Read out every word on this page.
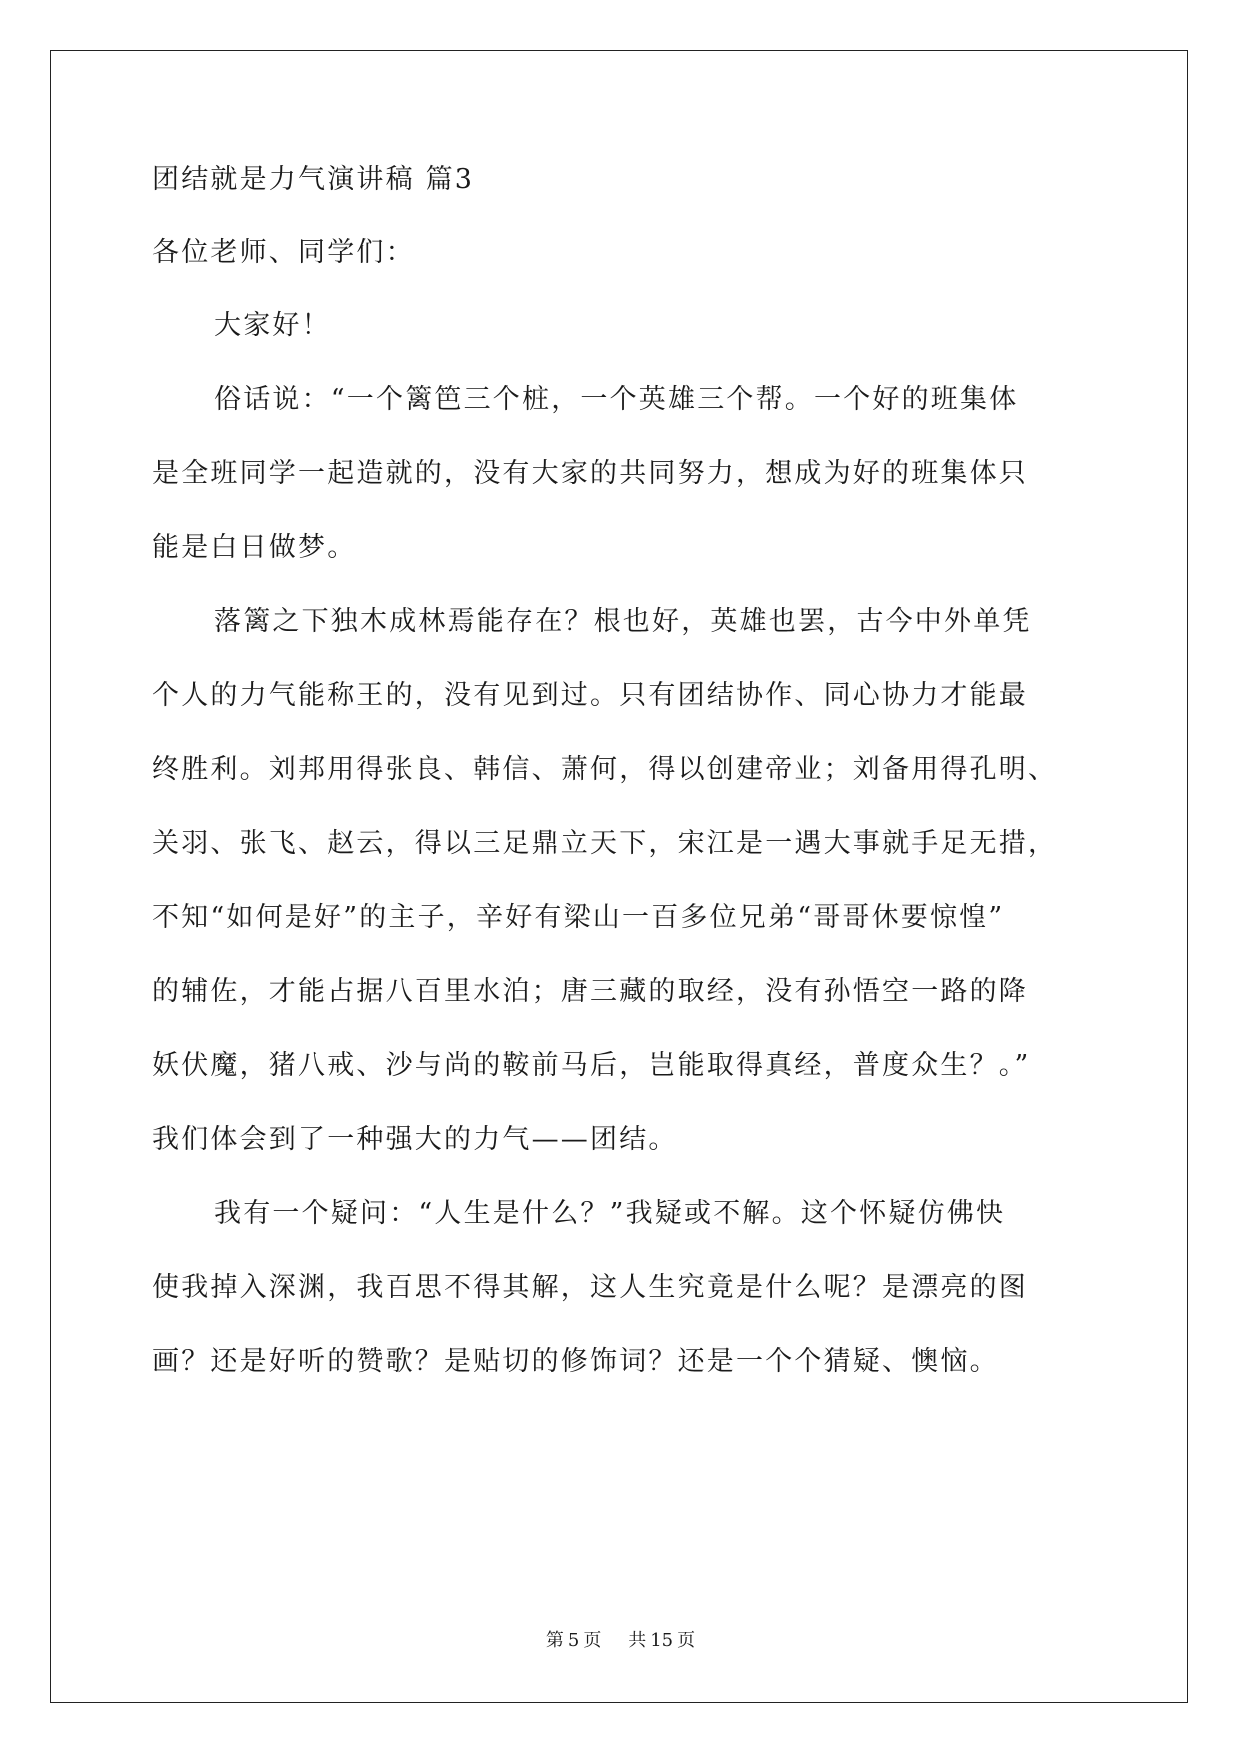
团结就是力气演讲稿 篇3
各位老师、同学们：
大家好！
俗话说：“一个篱笆三个桩，一个英雄三个帮。一个好的班集体
是全班同学一起造就的，没有大家的共同努力，想成为好的班集体只
能是白日做梦。
落篱之下独木成林焉能存在？根也好，英雄也罢，古今中外单凭
个人的力气能称王的，没有见到过。只有团结协作、同心协力才能最
终胜利。刘邦用得张良、韩信、萧何，得以创建帝业；刘备用得孔明、
关羽、张飞、赵云，得以三足鼎立天下，宋江是一遇大事就手足无措，
不知“如何是好”的主子，辛好有梁山一百多位兄弟“哥哥休要惊惶”
的辅佐，才能占据八百里水泊；唐三藏的取经，没有孙悟空一路的降
妖伏魔，猪八戒、沙与尚的鞍前马后，岂能取得真经，普度众生？。”
我们体会到了一种强大的力气——团结。
我有一个疑问：“人生是什么？”我疑或不解。这个怀疑仿佛快
使我掉入深渊，我百思不得其解，这人生究竟是什么呢？是漂亮的图
画？还是好听的赞歌？是贴切的修饰词？还是一个个猜疑、懊恼。
第 5 页 共 15 页
